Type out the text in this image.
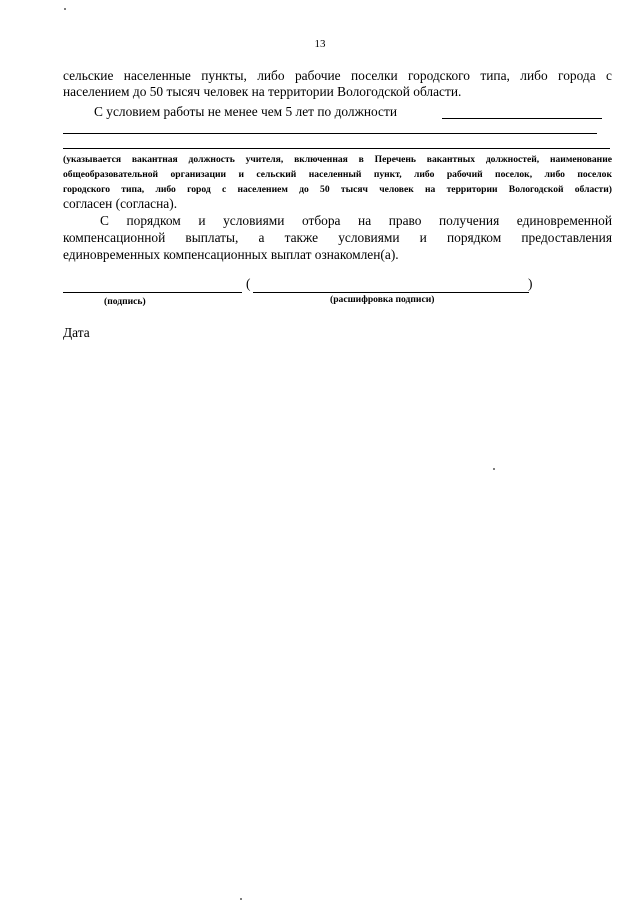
13
сельские населенные пункты, либо рабочие поселки городского типа, либо города с
населением до 50 тысяч человек на территории Вологодской области.
С условием работы не менее чем 5 лет по должности
(указывается вакантная должность учителя, включенная в Перечень вакантных должностей, наименование
общеобразовательной организации и сельский населенный пункт, либо рабочий поселок, либо поселок
городского типа, либо город с населением до 50 тысяч человек на территории Вологодской области)
согласен (согласна).
С порядком и условиями отбора на право получения единовременной
компенсационной выплаты, а также условиями и порядком предоставления
единовременных компенсационных выплат ознакомлен(а).
(	)
(подпись)	(расшифровка подписи)
Дата
